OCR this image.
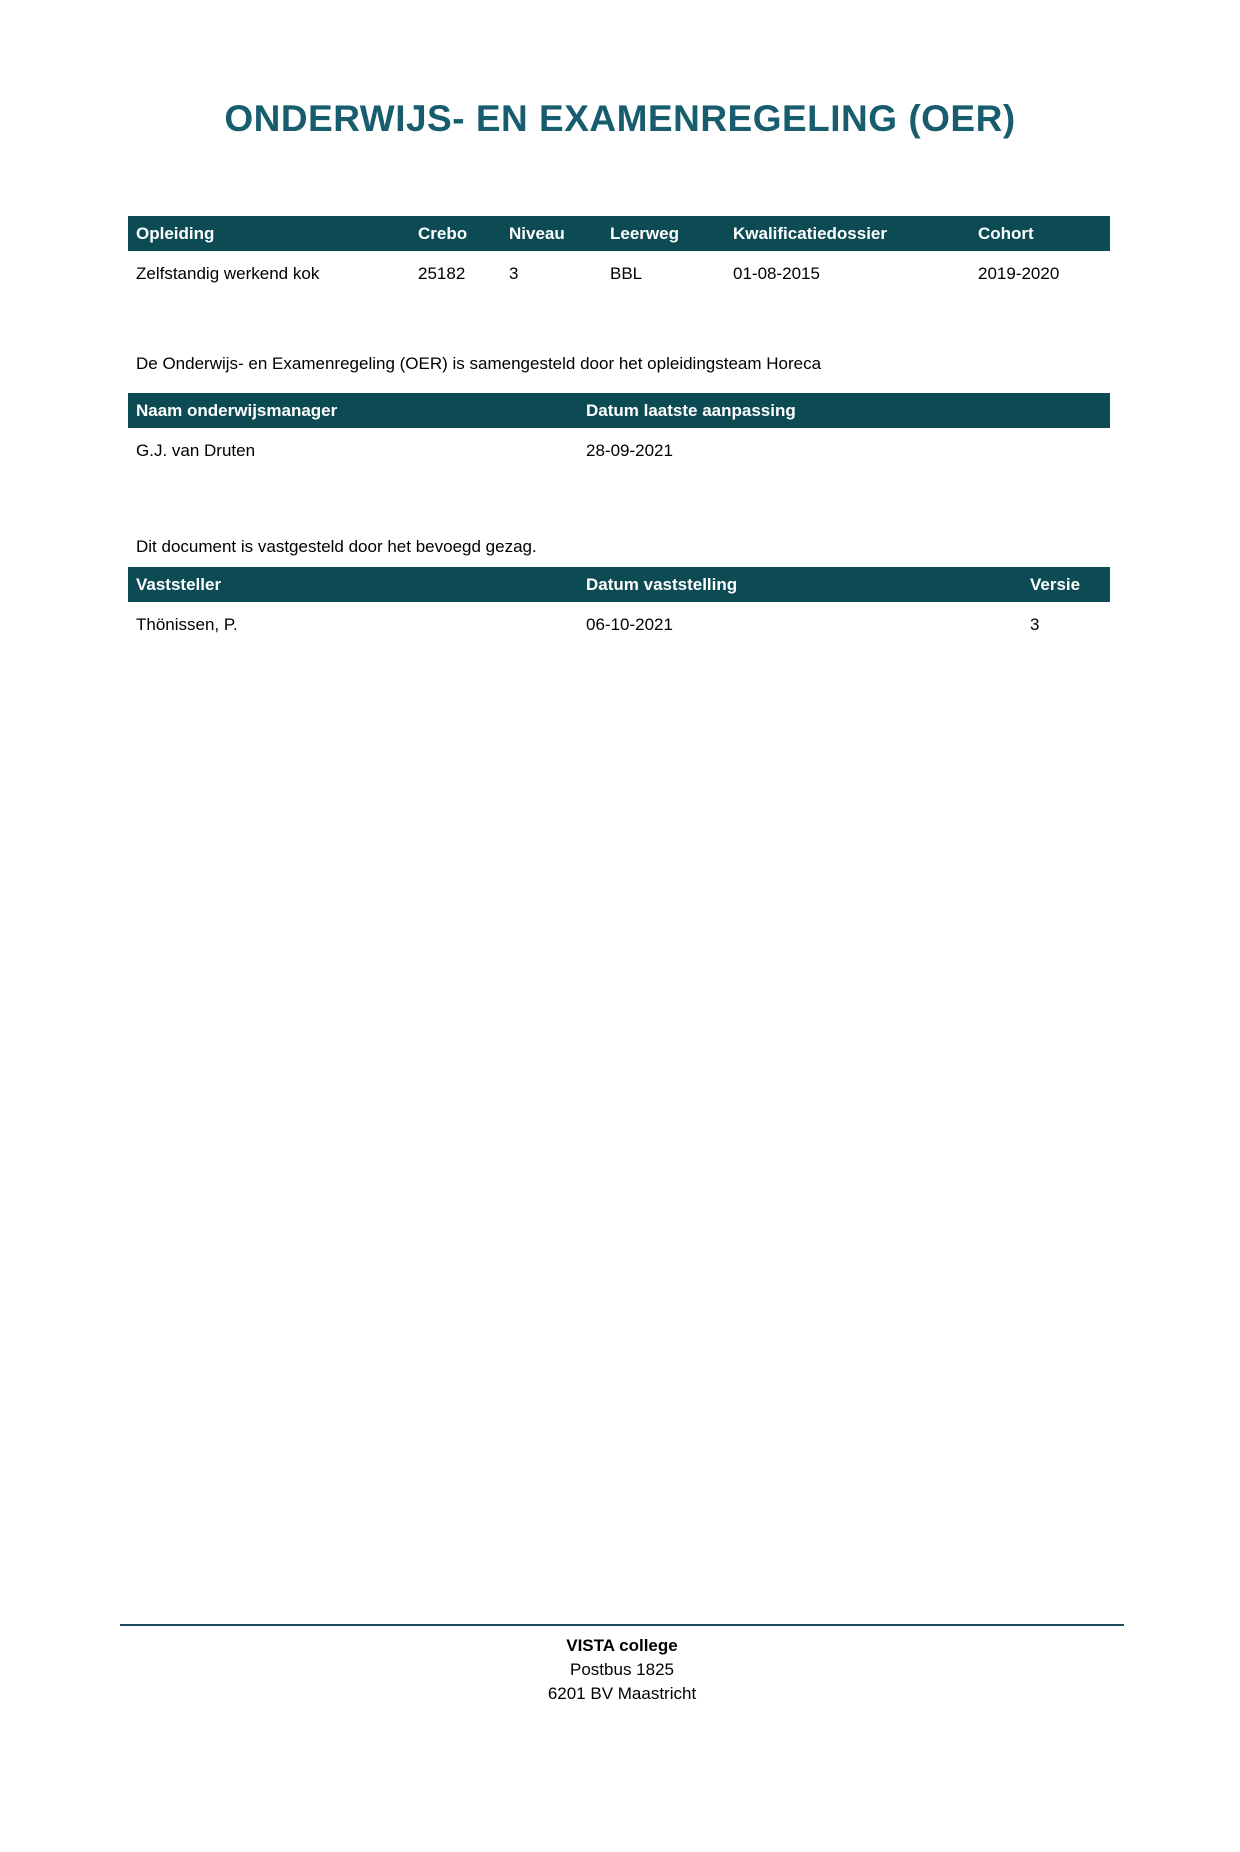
ONDERWIJS- EN EXAMENREGELING (OER)
Opleiding	Crebo	Niveau	Leerweg	Kwalificatiedossier	Cohort
Zelfstandig werkend kok	25182	3	BBL	01-08-2015	2019-2020

De Onderwijs- en Examenregeling (OER) is samengesteld door het opleidingsteam Horeca

Naam onderwijsmanager	Datum laatste aanpassing
G.J. van Druten	28-09-2021

Dit document is vastgesteld door het bevoegd gezag.

Vaststeller	Datum vaststelling	Versie
Thönissen, P.	06-10-2021	3
VISTA college
Postbus 1825
6201 BV Maastricht
